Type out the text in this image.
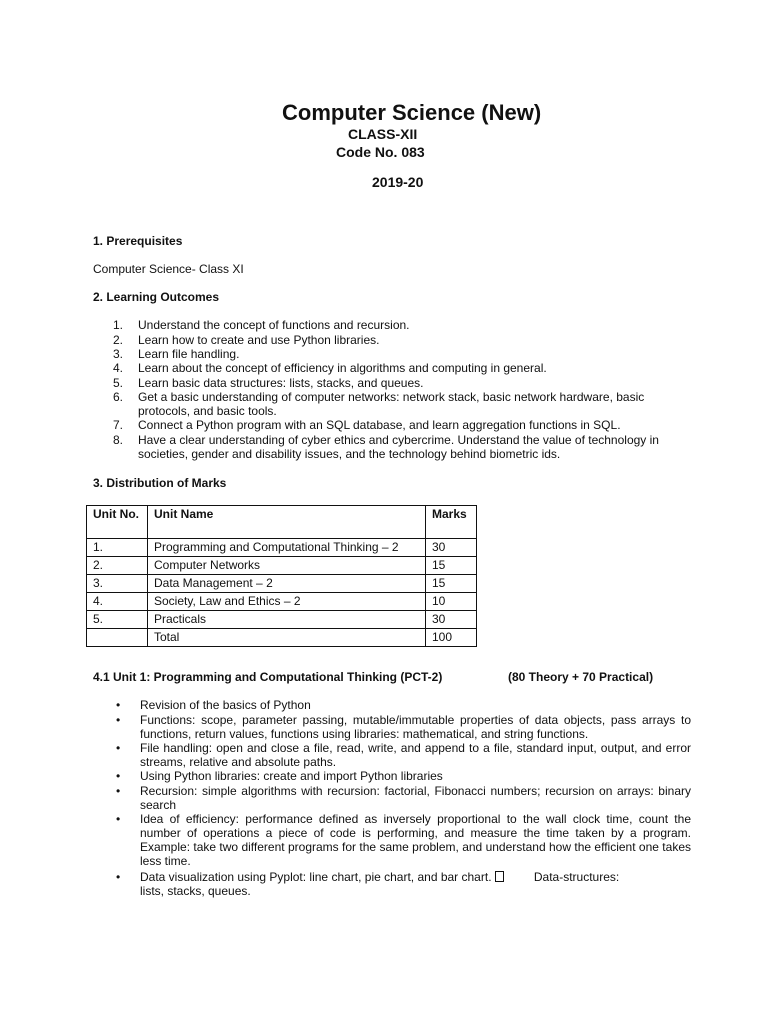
Computer Science (New)
CLASS-XII
Code No. 083
2019-20
1. Prerequisites
Computer Science- Class XI
2. Learning Outcomes
1.	Understand the concept of functions and recursion.
2.	Learn how to create and use Python libraries.
3.	Learn file handling.
4.	Learn about the concept of efficiency in algorithms and computing in general.
5.	Learn basic data structures: lists, stacks, and queues.
6.	Get a basic understanding of computer networks: network stack, basic network hardware, basic protocols, and basic tools.
7.	Connect a Python program with an SQL database, and learn aggregation functions in SQL.
8.	Have a clear understanding of cyber ethics and cybercrime. Understand the value of technology in societies, gender and disability issues, and the technology behind biometric ids.
3. Distribution of Marks
Unit No.	Unit Name	Marks
1.	Programming and Computational Thinking – 2	30
2.	Computer Networks	15
3.	Data Management – 2	15
4.	Society, Law and Ethics – 2	10
5.	Practicals	30
	Total	100
4.1 Unit 1: Programming and Computational Thinking (PCT-2)	(80 Theory + 70 Practical)
• Revision of the basics of Python
• Functions: scope, parameter passing, mutable/immutable properties of data objects, pass arrays to functions, return values, functions using libraries: mathematical, and string functions.
• File handling: open and close a file, read, write, and append to a file, standard input, output, and error streams, relative and absolute paths.
• Using Python libraries: create and import Python libraries
• Recursion: simple algorithms with recursion: factorial, Fibonacci numbers; recursion on arrays: binary search
• Idea of efficiency: performance defined as inversely proportional to the wall clock time, count the number of operations a piece of code is performing, and measure the time taken by a program. Example: take two different programs for the same problem, and understand how the efficient one takes less time.
• Data visualization using Pyplot: line chart, pie chart, and bar chart.	Data-structures:
lists, stacks, queues.
